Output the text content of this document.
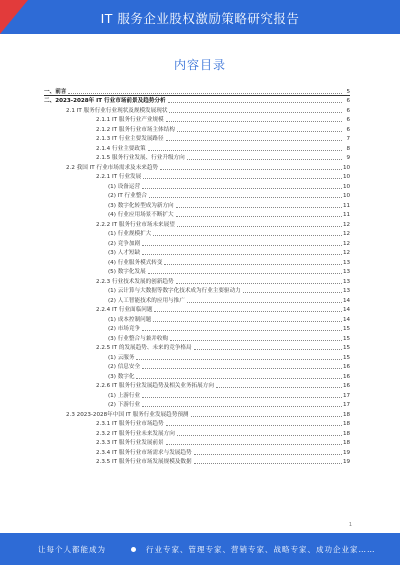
IT 服务企业股权激励策略研究报告
内容目录
一、前言	5
二、2023-2028年 IT 行业市场前景及趋势分析	6
2.1 IT 服务行业行业现状及规模发展现状	6
2.1.1 IT 服务行业产业规模	6
2.1.2 IT 服务行业市场主体结构	6
2.1.3 IT 行业主要发展路径	7
2.1.4 行业主要政策	8
2.1.5 服务行业发展、行业升级方向	9
2.2 我国 IT 行业市场需求及未来趋势	10
2.2.1 IT 行业发展	10
(1) 设备运营	10
(2) IT 行业整合	10
(3) 数字化转型成为新方向	11
(4) 行业应用场景不断扩大	11
2.2.2 IT 服务行业市场未来展望	12
(1) 行业规模扩大	12
(2) 竞争加剧	12
(3) 人才短缺	12
(4) 行业服务模式转变	13
(5) 数字化发展	13
2.2.3 行业技术发展的创新趋势	13
(1) 云计算与大数据等数字化技术成为行业主要驱动力	13
(2) 人工智能技术的应用与推广	14
2.2.4 IT 行业面临问题	14
(1) 成本控制问题	14
(2) 市场竞争	15
(3) 行业整合与兼并收购	15
2.2.5 IT 的发展趋势、未来的竞争格局	15
(1) 云服务	15
(2) 信息安全	16
(3) 数字化	16
2.2.6 IT 服务行业发展趋势及相关业务拓展方向	16
(1) 上游行业	17
(2) 下游行业	17
2.3 2023-2028年中国 IT 服务行业发展趋势预测	18
2.3.1 IT 服务行业市场趋势	18
2.3.2 IT 服务行业未来发展方向	18
2.3.3 IT 服务行业发展前景	18
2.3.4 IT 服务行业市场需求与发展趋势	19
2.3.5 IT 服务行业市场发展规模及数据	19
1
让每个人都能成为	行业专家、管理专家、营销专家、战略专家、成功企业家……
